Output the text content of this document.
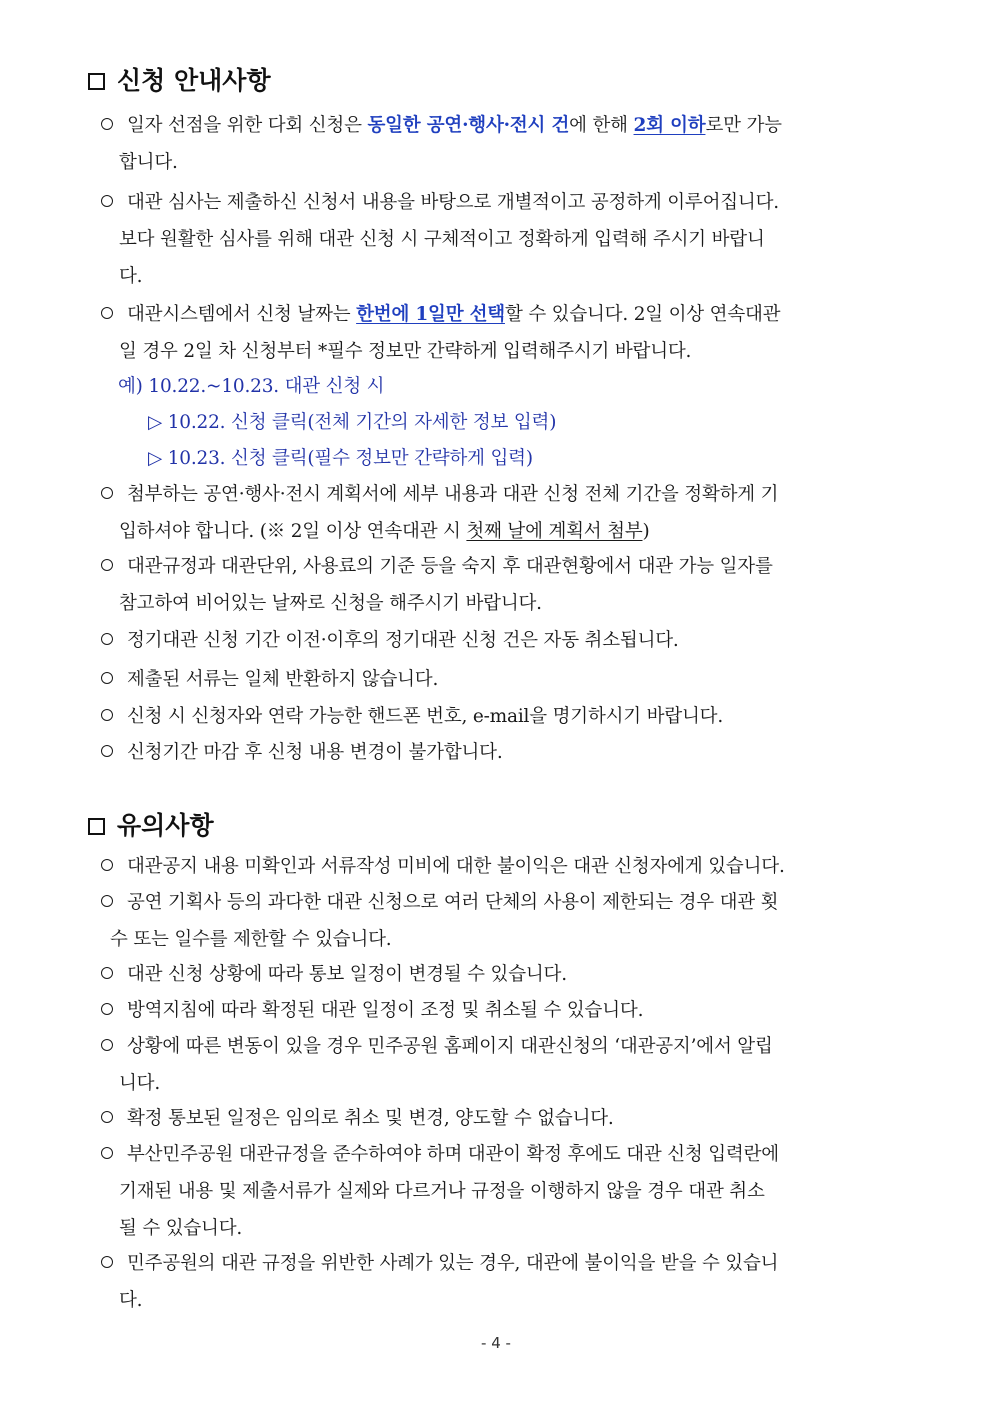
신청 안내사항

일자 선점을 위한 다회 신청은 동일한 공연·행사·전시 건에 한해 2회 이하로만 가능
합니다.

대관 심사는 제출하신 신청서 내용을 바탕으로 개별적이고 공정하게 이루어집니다.
보다 원활한 심사를 위해 대관 신청 시 구체적이고 정확하게 입력해 주시기 바랍니
다.

대관시스템에서 신청 날짜는 한번에 1일만 선택할 수 있습니다. 2일 이상 연속대관
일 경우 2일 차 신청부터 *필수 정보만 간략하게 입력해주시기 바랍니다.

예) 10.22.~10.23. 대관 신청 시

▷ 10.22. 신청 클릭(전체 기간의 자세한 정보 입력)

▷ 10.23. 신청 클릭(필수 정보만 간략하게 입력)

첨부하는 공연·행사·전시 계획서에 세부 내용과 대관 신청 전체 기간을 정확하게 기
입하셔야 합니다. (※ 2일 이상 연속대관 시 첫째 날에 계획서 첨부)

대관규정과 대관단위, 사용료의 기준 등을 숙지 후 대관현황에서 대관 가능 일자를
참고하여 비어있는 날짜로 신청을 해주시기 바랍니다.

정기대관 신청 기간 이전·이후의 정기대관 신청 건은 자동 취소됩니다.

제출된 서류는 일체 반환하지 않습니다.

신청 시 신청자와 연락 가능한 핸드폰 번호, e-mail을 명기하시기 바랍니다.

신청기간 마감 후 신청 내용 변경이 불가합니다.

유의사항

대관공지 내용 미확인과 서류작성 미비에 대한 불이익은 대관 신청자에게 있습니다.

공연 기획사 등의 과다한 대관 신청으로 여러 단체의 사용이 제한되는 경우 대관 횟
수 또는 일수를 제한할 수 있습니다.

대관 신청 상황에 따라 통보 일정이 변경될 수 있습니다.

방역지침에 따라 확정된 대관 일정이 조정 및 취소될 수 있습니다.

상황에 따른 변동이 있을 경우 민주공원 홈페이지 대관신청의 ‘대관공지’에서 알립
니다.

확정 통보된 일정은 임의로 취소 및 변경, 양도할 수 없습니다.

부산민주공원 대관규정을 준수하여야 하며 대관이 확정 후에도 대관 신청 입력란에
기재된 내용 및 제출서류가 실제와 다르거나 규정을 이행하지 않을 경우 대관 취소
될 수 있습니다.

민주공원의 대관 규정을 위반한 사례가 있는 경우, 대관에 불이익을 받을 수 있습니
다.

- 4 -
